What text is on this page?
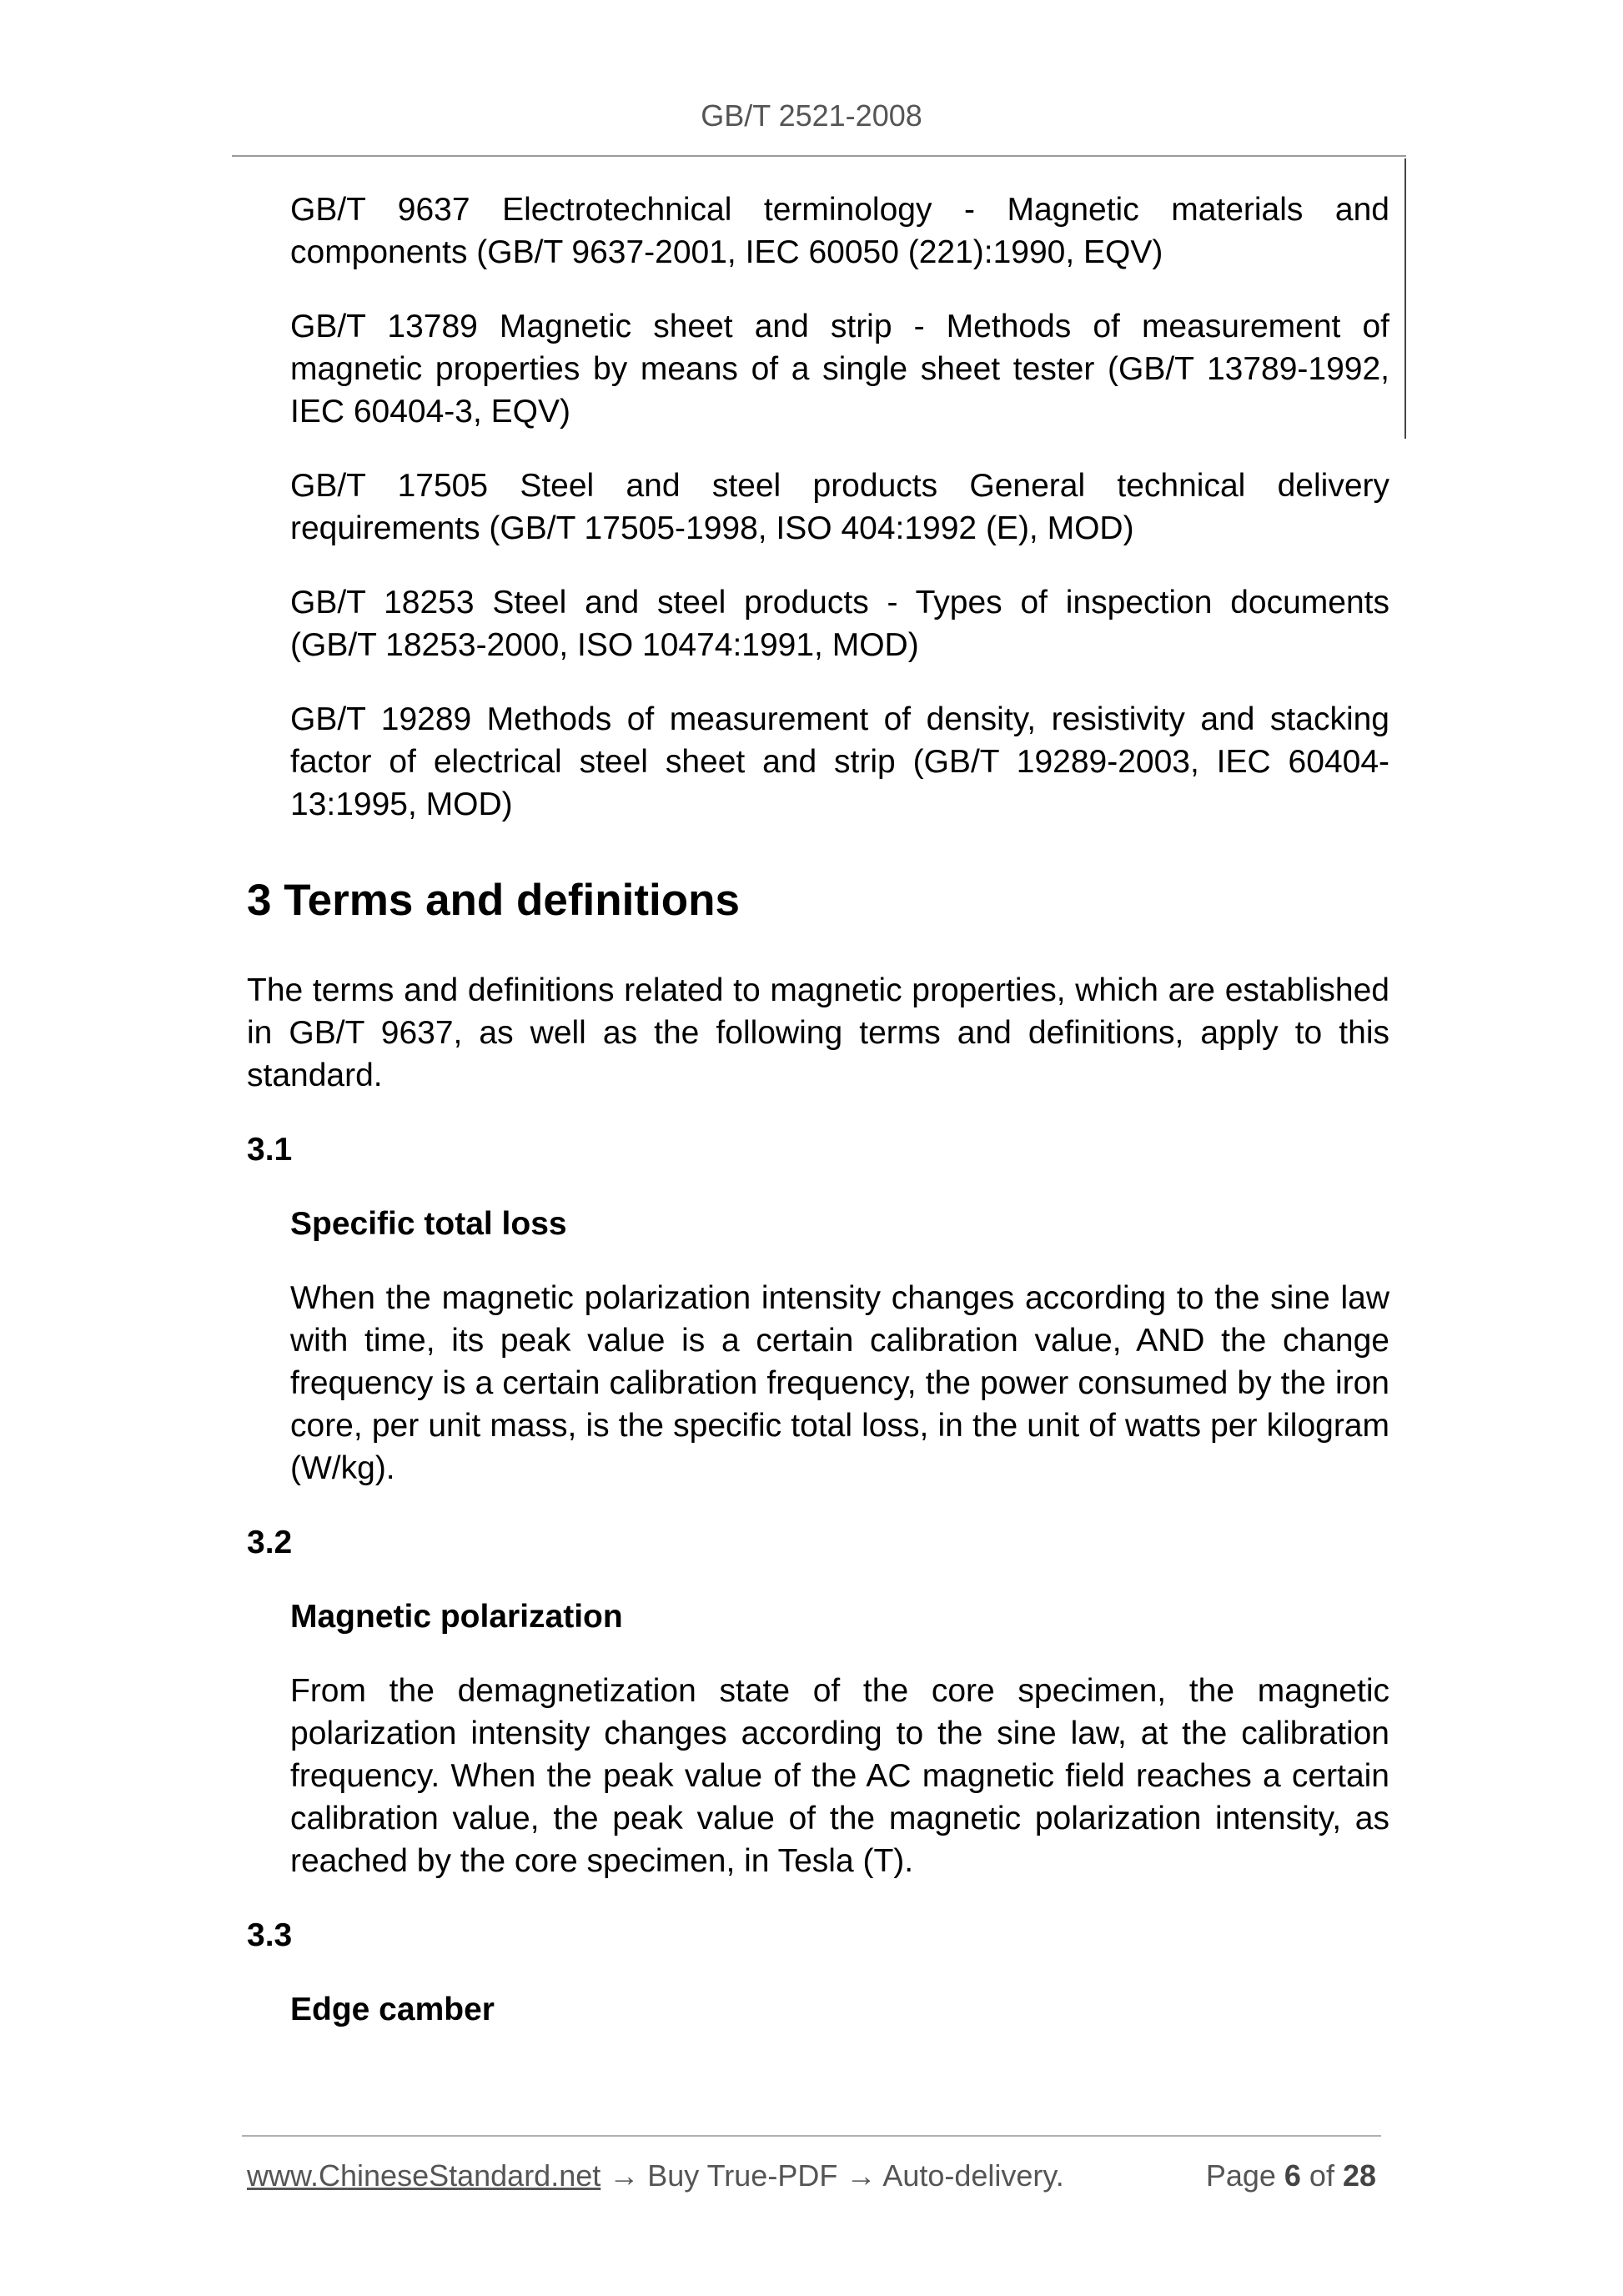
GB/T 2521-2008

GB/T 9637 Electrotechnical terminology - Magnetic materials and components (GB/T 9637-2001, IEC 60050 (221):1990, EQV)

GB/T 13789 Magnetic sheet and strip - Methods of measurement of magnetic properties by means of a single sheet tester (GB/T 13789-1992, IEC 60404-3, EQV)

GB/T 17505 Steel and steel products General technical delivery requirements (GB/T 17505-1998, ISO 404:1992 (E), MOD)

GB/T 18253 Steel and steel products - Types of inspection documents (GB/T 18253-2000, ISO 10474:1991, MOD)

GB/T 19289 Methods of measurement of density, resistivity and stacking factor of electrical steel sheet and strip (GB/T 19289-2003, IEC 60404-13:1995, MOD)

3 Terms and definitions

The terms and definitions related to magnetic properties, which are established in GB/T 9637, as well as the following terms and definitions, apply to this standard.

3.1
Specific total loss

When the magnetic polarization intensity changes according to the sine law with time, its peak value is a certain calibration value, AND the change frequency is a certain calibration frequency, the power consumed by the iron core, per unit mass, is the specific total loss, in the unit of watts per kilogram (W/kg).

3.2
Magnetic polarization

From the demagnetization state of the core specimen, the magnetic polarization intensity changes according to the sine law, at the calibration frequency. When the peak value of the AC magnetic field reaches a certain calibration value, the peak value of the magnetic polarization intensity, as reached by the core specimen, in Tesla (T).

3.3
Edge camber
www.ChineseStandard.net → Buy True-PDF → Auto-delivery.	Page 6 of 28
